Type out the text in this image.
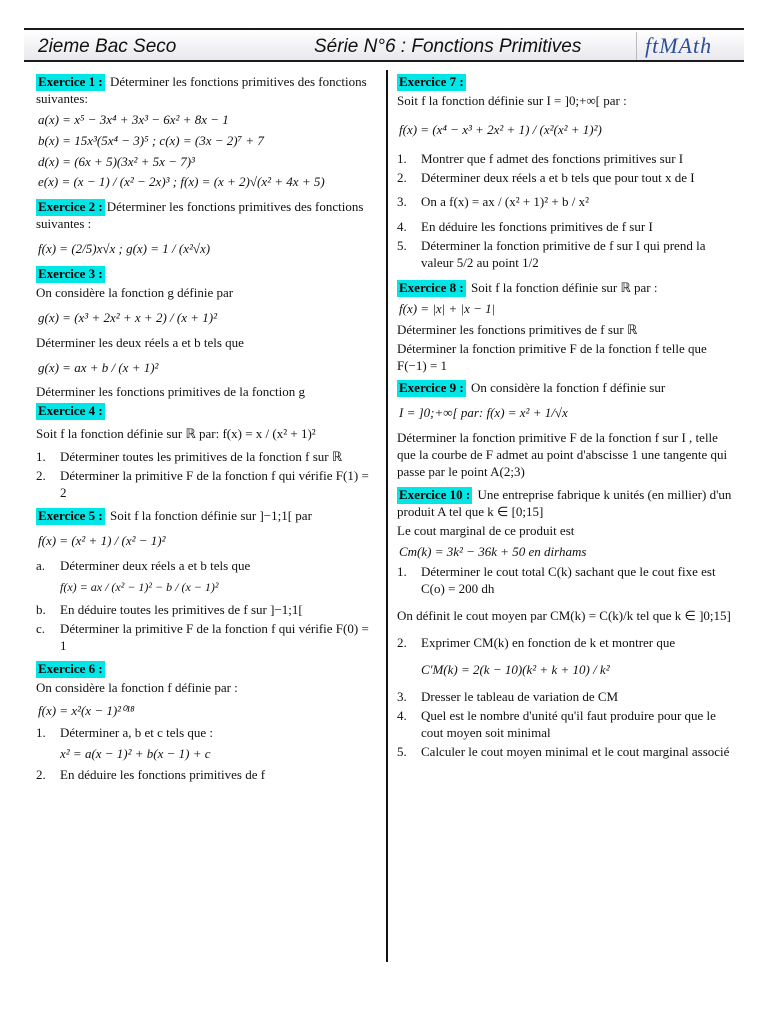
2ieme Bac Seco	Série N°6 : Fonctions Primitives	ftMAth
Exercice 1 : Déterminer les fonctions primitives des fonctions suivantes:
a(x) = x⁵ − 3x⁴ + 3x³ − 6x² + 8x − 1
b(x) = 15x³(5x⁴ − 3)⁵ ; c(x) = (3x − 2)⁷ + 7
d(x) = (6x + 5)(3x² + 5x − 7)³
e(x) = (x − 1) / (x² − 2x)³ ; f(x) = (x + 2)√(x² + 4x + 5)
Exercice 2 : Déterminer les fonctions primitives des fonctions suivantes :
f(x) = (2/5)x√x ; g(x) = 1 / (x²√x)
Exercice 3 :
On considère la fonction g définie par
g(x) = (x³ + 2x² + x + 2) / (x + 1)²
Déterminer les deux réels a et b tels que
g(x) = ax + b / (x + 1)²
Déterminer les fonctions primitives de la fonction g
Exercice 4 :
Soit f la fonction définie sur ℝ par: f(x) = x / (x² + 1)²
1.	Déterminer toutes les primitives de la fonction f sur ℝ
2.	Déterminer la primitive F de la fonction f qui vérifie F(1) = 2
Exercice 5 : Soit f la fonction définie sur ]−1;1[ par
f(x) = (x² + 1) / (x² − 1)²
a.	Déterminer deux réels a et b tels que
f(x) = ax / (x² − 1)² − b / (x − 1)²
b.	En déduire toutes les primitives de f sur ]−1;1[
c.	Déterminer la primitive F de la fonction f qui vérifie F(0) = 1
Exercice 6 :
On considère la fonction f définie par :
f(x) = x²(x − 1)²⁰¹⁸
1.	Déterminer a, b et c tels que :
x² = a(x − 1)² + b(x − 1) + c
2.	En déduire les fonctions primitives de f
Exercice 7 :
Soit f la fonction définie sur I = ]0;+∞[ par :
f(x) = (x⁴ − x³ + 2x² + 1) / (x²(x² + 1)²)
1.	Montrer que f admet des fonctions primitives sur I
2.	Déterminer deux réels a et b tels que pour tout x de I
3.	On a f(x) = ax / (x² + 1)² + b / x²
4.	En déduire les fonctions primitives de f sur I
5.	Déterminer la fonction primitive de f sur I qui prend la valeur 5/2 au point 1/2
Exercice 8 : Soit f la fonction définie sur ℝ par :
f(x) = |x| + |x − 1|
Déterminer les fonctions primitives de f sur ℝ
Déterminer la fonction primitive F de la fonction f telle que F(−1) = 1
Exercice 9 : On considère la fonction f définie sur
I = ]0;+∞[ par: f(x) = x² + 1/√x
Déterminer la fonction primitive F de la fonction f sur I , telle que la courbe de F admet au point d'abscisse 1 une tangente qui passe par le point A(2;3)
Exercice 10 : Une entreprise fabrique k unités (en millier) d'un produit A tel que k ∈ [0;15]
Le cout marginal de ce produit est
Cm(k) = 3k² − 36k + 50 en dirhams
1.	Déterminer le cout total C(k) sachant que le cout fixe est C(o) = 200 dh
On définit le cout moyen par CM(k) = C(k)/k tel que k ∈ ]0;15]
2.	Exprimer CM(k) en fonction de k et montrer que
C'M(k) = 2(k − 10)(k² + k + 10) / k²
3.	Dresser le tableau de variation de CM
4.	Quel est le nombre d'unité qu'il faut produire pour que le cout moyen soit minimal
5.	Calculer le cout moyen minimal et le cout marginal associé
